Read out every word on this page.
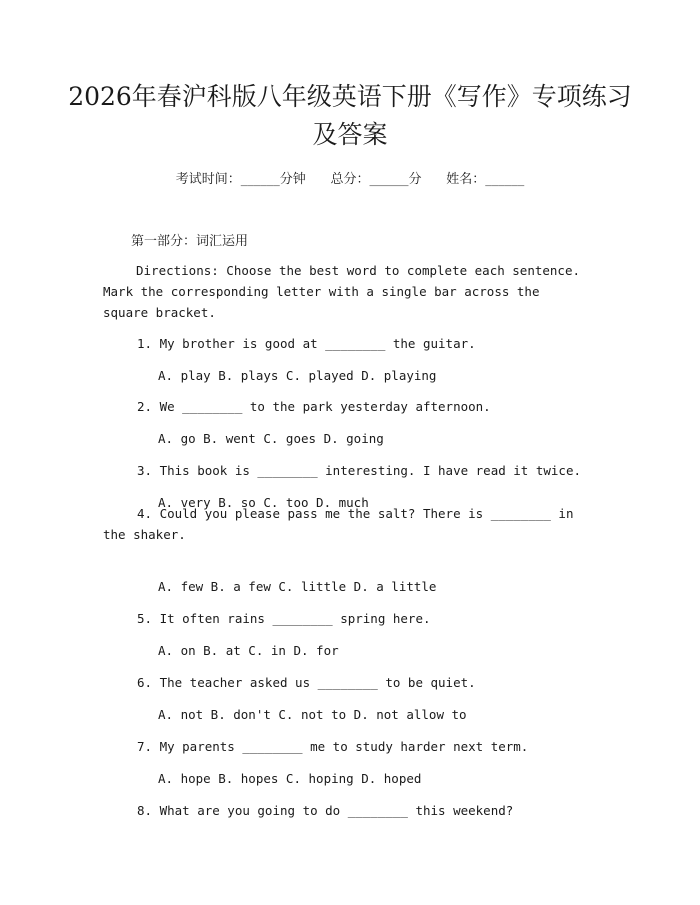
2026年春沪科版八年级英语下册《写作》专项练习及答案
考试时间：______分钟      总分：______分      姓名：______
第一部分：词汇运用
Directions: Choose the best word to complete each sentence. Mark the corresponding letter with a single bar across the square bracket.

1. My brother is good at ________ the guitar.

A. play B. plays C. played D. playing

2. We ________ to the park yesterday afternoon.

A. go B. went C. goes D. going

3. This book is ________ interesting. I have read it twice.

A. very B. so C. too D. much

4. Could you please pass me the salt? There is ________ in the shaker.

A. few B. a few C. little D. a little

5. It often rains ________ spring here.

A. on B. at C. in D. for

6. The teacher asked us ________ to be quiet.

A. not B. don't C. not to D. not allow to

7. My parents ________ me to study harder next term.

A. hope B. hopes C. hoping D. hoped

8. What are you going to do ________ this weekend?
